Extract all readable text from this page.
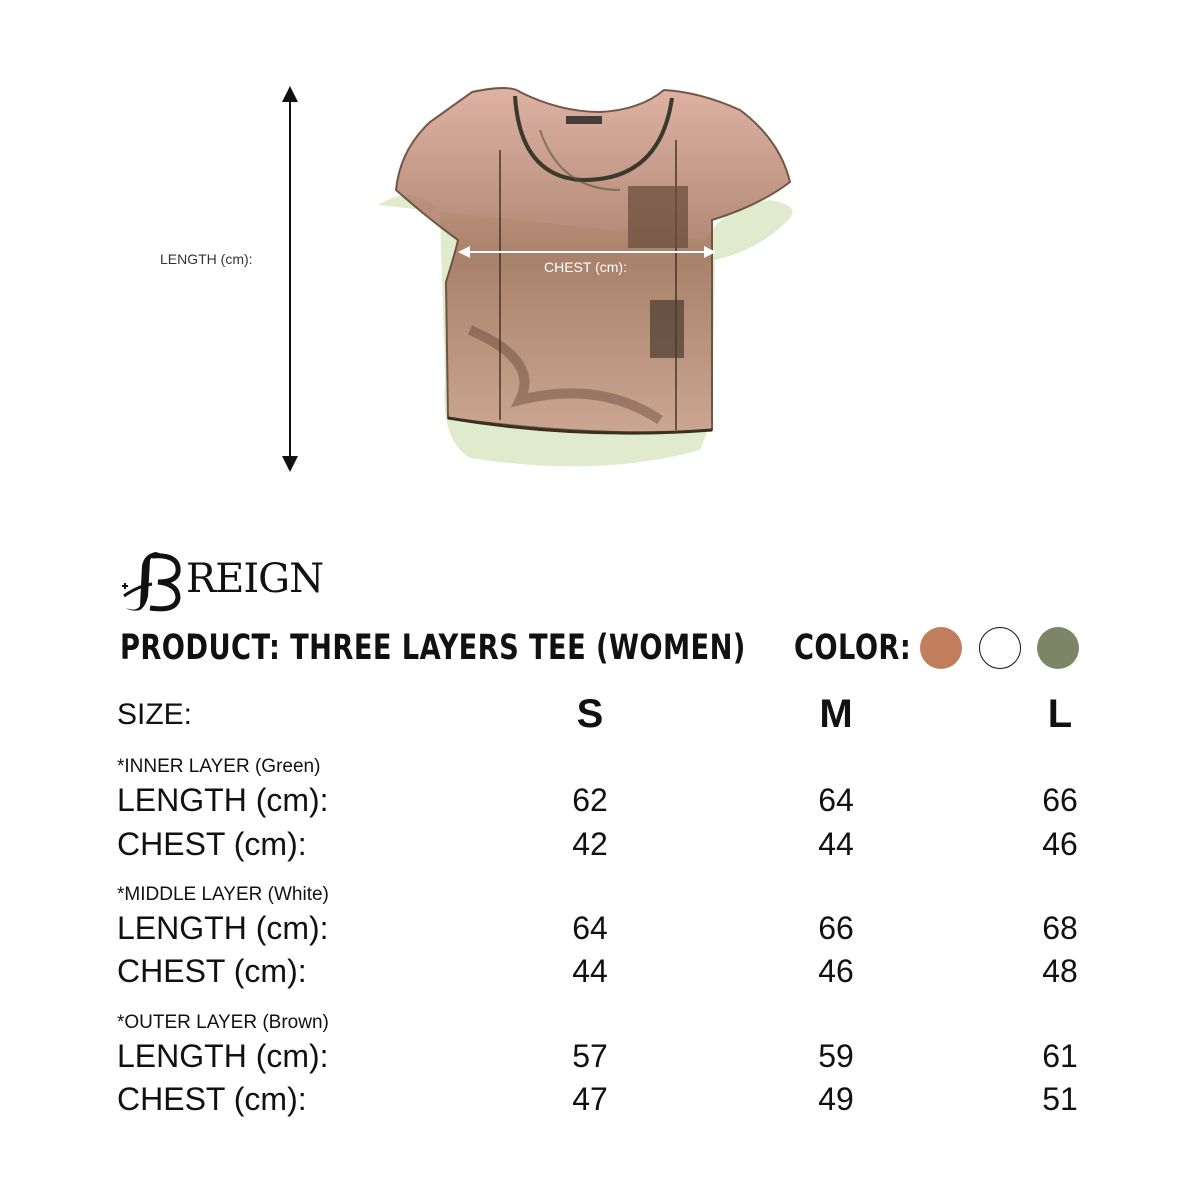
LENGTH (cm):	CHEST (cm):
REIGN
PRODUCT: THREE LAYERS TEE (WOMEN) COLOR:
SIZE:	S	M	L
*INNER LAYER (Green)
LENGTH (cm):	62	64	66
CHEST (cm):	42	44	46
*MIDDLE LAYER (White)
LENGTH (cm):	64	66	68
CHEST (cm):	44	46	48
*OUTER LAYER (Brown)
LENGTH (cm):	57	59	61
CHEST (cm):	47	49	51
